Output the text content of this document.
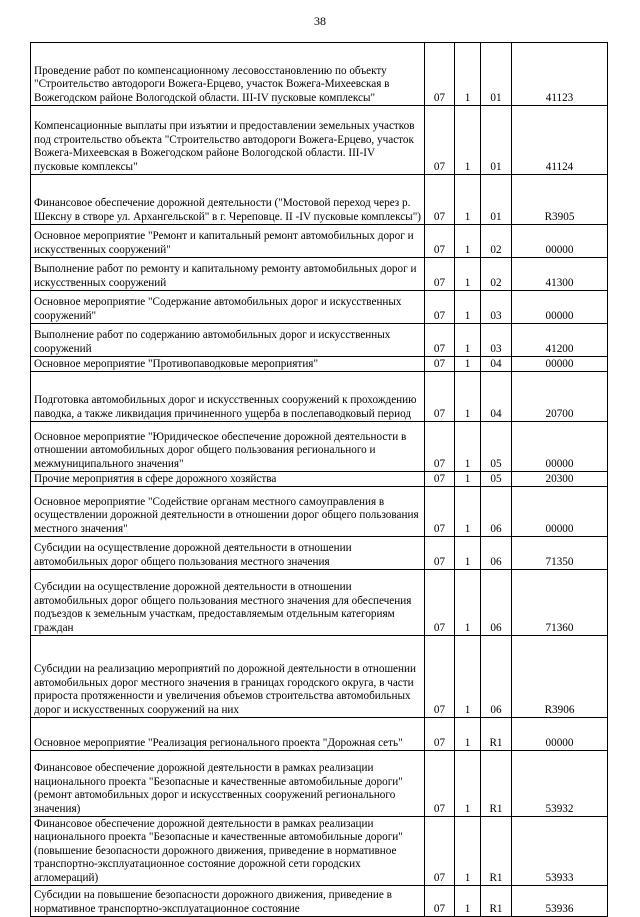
38
Проведение работ по компенсационному лесовосстановлению по объекту "Строительство автодороги Вожега-Ерцево, участок Вожега-Михеевская в Вожегодском районе Вологодской области. III-IV пусковые комплексы"	07	1	01	41123
Компенсационные выплаты при изъятии и предоставлении земельных участков под строительство объекта "Строительство автодороги Вожега-Ерцево, участок Вожега-Михеевская в Вожегодском районе Вологодской области. III-IV пусковые комплексы"	07	1	01	41124
Финансовое обеспечение дорожной деятельности ("Мостовой переход через р. Шексну в створе ул. Архангельской" в г. Череповце. II -IV пусковые комплексы")	07	1	01	R3905
Основное мероприятие "Ремонт и капитальный ремонт автомобильных дорог и искусственных сооружений"	07	1	02	00000
Выполнение работ по ремонту и капитальному ремонту автомобильных дорог и искусственных сооружений	07	1	02	41300
Основное мероприятие "Содержание автомобильных дорог и искусственных сооружений"	07	1	03	00000
Выполнение работ по содержанию автомобильных дорог и искусственных сооружений	07	1	03	41200
Основное мероприятие "Противопаводковые мероприятия"	07	1	04	00000
Подготовка автомобильных дорог и искусственных сооружений к прохождению паводка, а также ликвидация причиненного ущерба в послепаводковый период	07	1	04	20700
Основное мероприятие "Юридическое обеспечение дорожной деятельности в отношении автомобильных дорог общего пользования регионального и межмуниципального значения"	07	1	05	00000
Прочие мероприятия в сфере дорожного хозяйства	07	1	05	20300
Основное мероприятие "Содействие органам местного самоуправления в осуществлении дорожной деятельности в отношении дорог общего пользования местного значения"	07	1	06	00000
Субсидии на осуществление дорожной деятельности в отношении автомобильных дорог общего пользования местного значения	07	1	06	71350
Субсидии на осуществление дорожной деятельности в отношении автомобильных дорог общего пользования местного значения для обеспечения подъездов к земельным участкам, предоставляемым отдельным категориям граждан	07	1	06	71360
Субсидии на реализацию мероприятий по дорожной деятельности в отношении автомобильных дорог местного значения в границах городского округа, в части прироста протяженности и увеличения объемов строительства автомобильных дорог и искусственных сооружений на них	07	1	06	R3906
Основное мероприятие "Реализация регионального проекта "Дорожная сеть"	07	1	R1	00000
Финансовое обеспечение дорожной деятельности в рамках реализации национального проекта "Безопасные и качественные автомобильные дороги" (ремонт автомобильных дорог и искусственных сооружений регионального значения)	07	1	R1	53932
Финансовое обеспечение дорожной деятельности в рамках реализации национального проекта "Безопасные и качественные автомобильные дороги" (повышение безопасности дорожного движения, приведение в нормативное транспортно-эксплуатационное состояние дорожной сети городских агломераций)	07	1	R1	53933
Субсидии на повышение безопасности дорожного движения, приведение в нормативное транспортно-эксплуатационное состояние	07	1	R1	53936
